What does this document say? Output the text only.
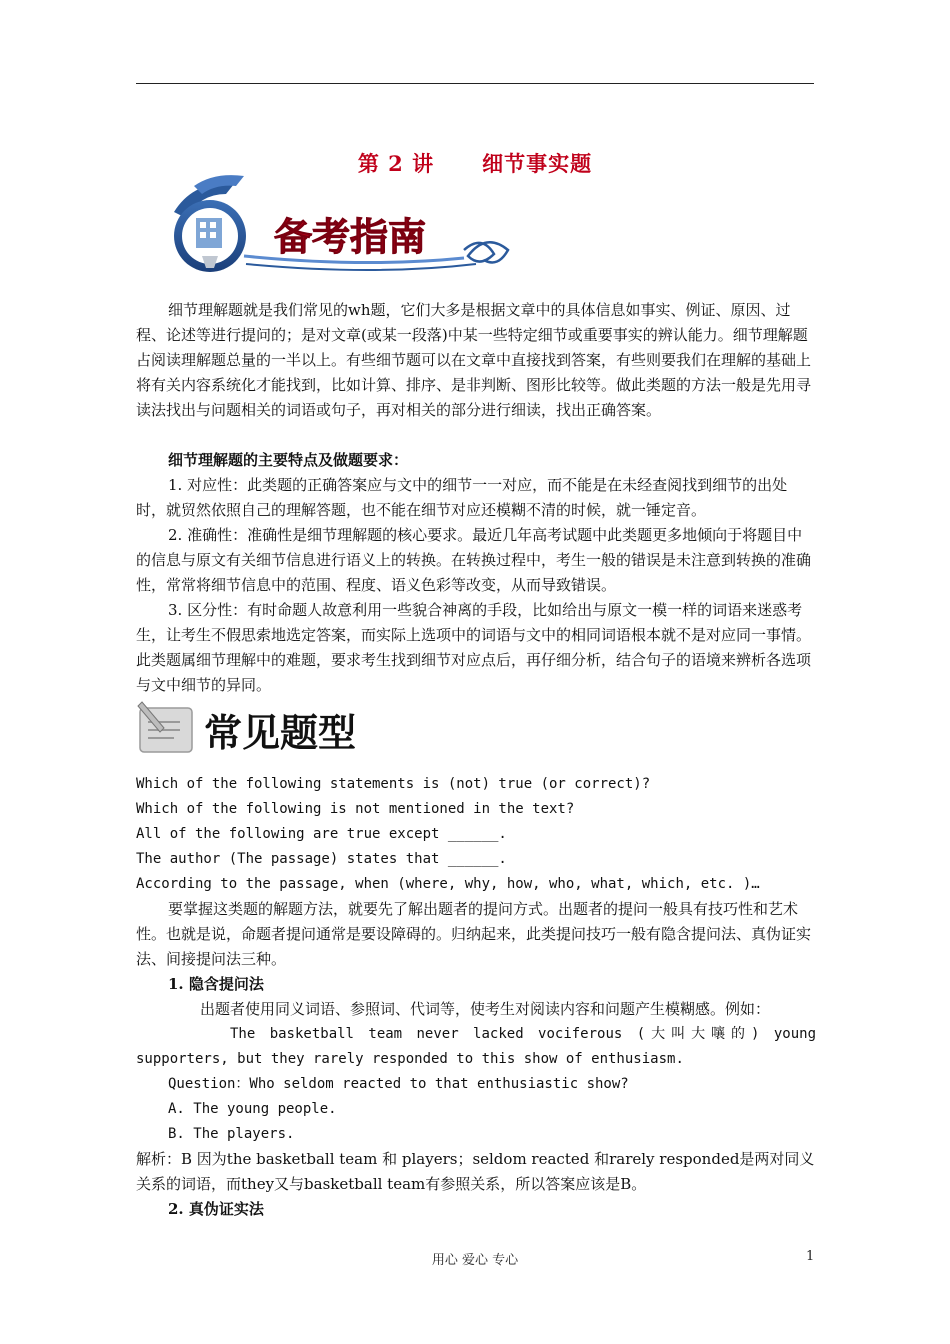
第 2 讲 细节事实题
备考指南

细节理解题就是我们常见的wh题，它们大多是根据文章中的具体信息如事实、例证、原因、过程、论述等进行提问的；是对文章(或某一段落)中某一些特定细节或重要事实的辨认能力。细节理解题占阅读理解题总量的一半以上。有些细节题可以在文章中直接找到答案，有些则要我们在理解的基础上将有关内容系统化才能找到，比如计算、排序、是非判断、图形比较等。做此类题的方法一般是先用寻读法找出与问题相关的词语或句子，再对相关的部分进行细读，找出正确答案。

细节理解题的主要特点及做题要求：

1. 对应性：此类题的正确答案应与文中的细节一一对应，而不能是在未经查阅找到细节的出处时，就贸然依照自己的理解答题，也不能在细节对应还模糊不清的时候，就一锤定音。

2. 准确性：准确性是细节理解题的核心要求。最近几年高考试题中此类题更多地倾向于将题目中的信息与原文有关细节信息进行语义上的转换。在转换过程中，考生一般的错误是未注意到转换的准确性，常常将细节信息中的范围、程度、语义色彩等改变，从而导致错误。

3. 区分性：有时命题人故意利用一些貌合神离的手段，比如给出与原文一模一样的词语来迷惑考生，让考生不假思索地选定答案，而实际上选项中的词语与文中的相同词语根本就不是对应同一事情。此类题属细节理解中的难题，要求考生找到细节对应点后，再仔细分析，结合句子的语境来辨析各选项与文中细节的异同。

常见题型

Which of the following statements is (not) true (or correct)?

Which of the following is not mentioned in the text?

All of the following are true except ______.

The author (The passage) states that ______.

According to the passage, when (where, why, how, who, what, which, etc. )…

要掌握这类题的解题方法，就要先了解出题者的提问方式。出题者的提问一般具有技巧性和艺术性。也就是说，命题者提问通常是要设障碍的。归纳起来，此类提问技巧一般有隐含提问法、真伪证实法、间接提问法三种。

1. 隐含提问法

出题者使用同义词语、参照词、代词等，使考生对阅读内容和问题产生模糊感。例如：

The basketball team never lacked vociferous (大叫大嚷的) young supporters, but they rarely responded to this show of enthusiasm.

Question：Who seldom reacted to that enthusiastic show?

A. The young people.

B. The players.

解析：B 因为the basketball team 和 players；seldom reacted 和rarely responded是两对同义关系的词语，而they又与basketball team有参照关系，所以答案应该是B。

2. 真伪证实法

用心 爱心 专心	1
